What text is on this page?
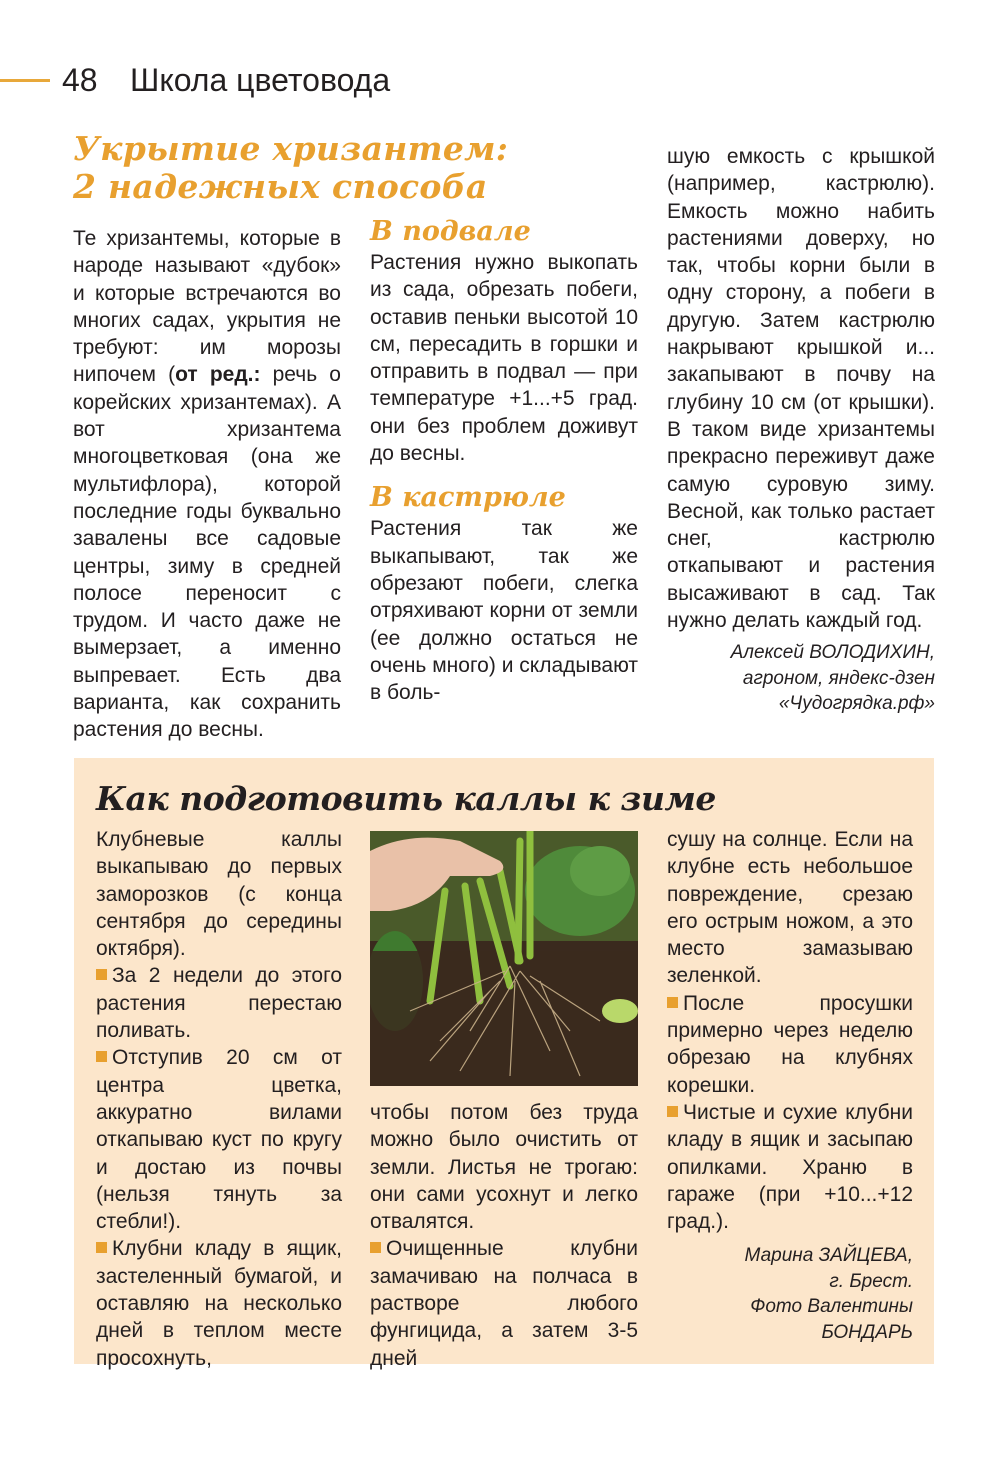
48 Школа цветовода
Укрытие хризантем:
2 надежных способа

Те хризантемы, которые в народе называют «дубок» и которые встречаются во многих садах, укрытия не требуют: им морозы нипочем (от ред.: речь о корейских хризантемах). А вот хризантема многоцветковая (она же мультифлора), которой последние годы буквально завалены все садовые центры, зиму в средней полосе переносит с трудом. И часто даже не вымерзает, а именно выпревает. Есть два варианта, как сохранить растения до весны.

В подвале

Растения нужно выкопать из сада, обрезать побеги, оставив пеньки высотой 10 см, пересадить в горшки и отправить в подвал — при температуре +1...+5 град. они без проблем доживут до весны.

В кастрюле

Растения так же выкапывают, так же обрезают побеги, слегка отряхивают корни от земли (ее должно остаться не очень много) и складывают в боль-

шую емкость с крышкой (например, кастрюлю). Емкость можно набить растениями доверху, но так, чтобы корни были в одну сторону, а побеги в другую. Затем кастрюлю накрывают крышкой и... закапывают в почву на глубину 10 см (от крышки). В таком виде хризантемы прекрасно переживут даже самую суровую зиму. Весной, как только растает снег, кастрюлю откапывают и растения высаживают в сад. Так нужно делать каждый год.

Алексей ВОЛОДИХИН,
агроном, яндекс-дзен
«Чудогрядка.рф»
Как подготовить каллы к зиме

Клубневые каллы выкапываю до первых заморозков (с конца сентября до середины октября).

За 2 недели до этого растения перестаю поливать.

Отступив 20 см от центра цветка, аккуратно вилами откапываю куст по кругу и достаю из почвы (нельзя тянуть за стебли!).

Клубни кладу в ящик, застеленный бумагой, и оставляю на несколько дней в теплом месте просохнуть,

чтобы потом без труда можно было очистить от земли. Листья не трогаю: они сами усохнут и легко отвалятся.

Очищенные клубни замачиваю на полчаса в растворе любого фунгицида, а затем 3-5 дней

сушу на солнце. Если на клубне есть небольшое повреждение, срезаю его острым ножом, а это место замазываю зеленкой.

После просушки примерно через неделю обрезаю на клубнях корешки.

Чистые и сухие клубни кладу в ящик и засыпаю опилками. Храню в гараже (при +10...+12 град.).

Марина ЗАЙЦЕВА,
г. Брест.
Фото Валентины
БОНДАРЬ
